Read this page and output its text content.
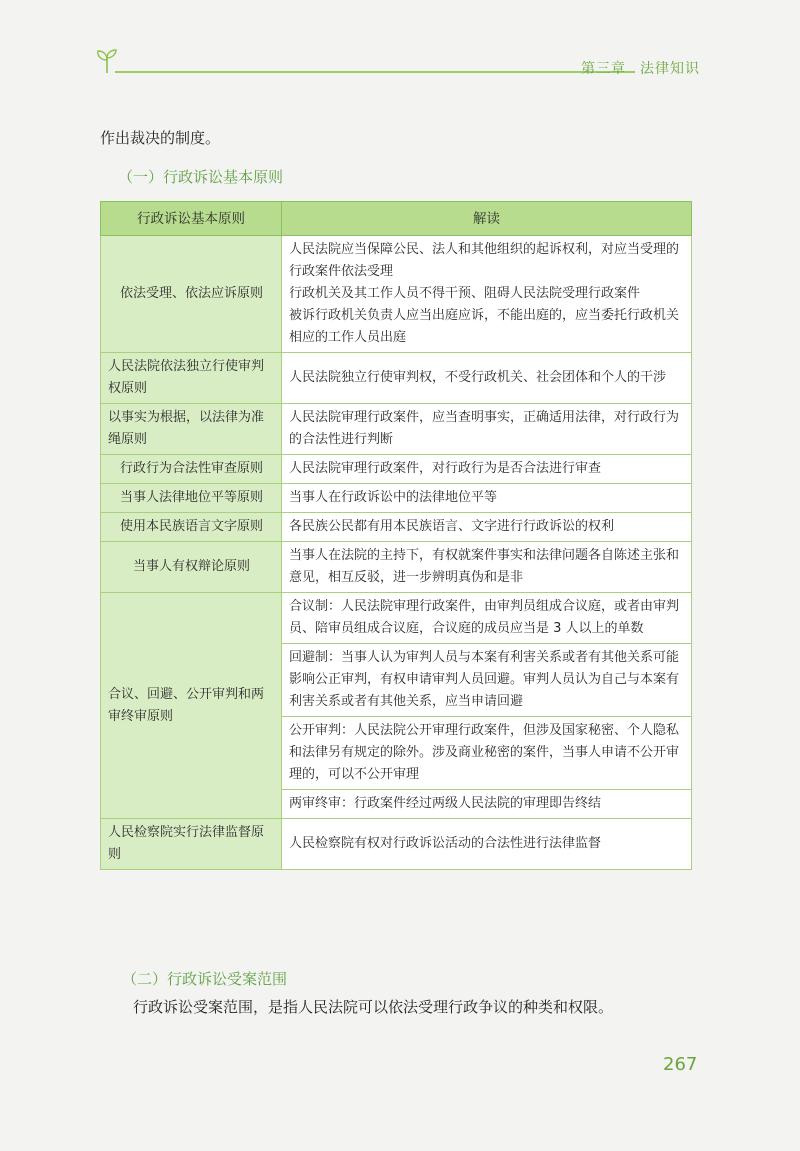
第三章 法律知识
作出裁决的制度。
（一）行政诉讼基本原则
行政诉讼基本原则	解读
依法受理、依法应诉原则	人民法院应当保障公民、法人和其他组织的起诉权利，对应当受理的行政案件依法受理
行政机关及其工作人员不得干预、阻碍人民法院受理行政案件
被诉行政机关负责人应当出庭应诉，不能出庭的，应当委托行政机关相应的工作人员出庭

人民法院依法独立行使审判权原则	人民法院独立行使审判权，不受行政机关、社会团体和个人的干涉
以事实为根据，以法律为准绳原则	人民法院审理行政案件，应当查明事实，正确适用法律，对行政行为的合法性进行判断
行政行为合法性审查原则	人民法院审理行政案件，对行政行为是否合法进行审查
当事人法律地位平等原则	当事人在行政诉讼中的法律地位平等
使用本民族语言文字原则	各民族公民都有用本民族语言、文字进行行政诉讼的权利
当事人有权辩论原则	当事人在法院的主持下，有权就案件事实和法律问题各自陈述主张和意见，相互反驳，进一步辨明真伪和是非
合议、回避、公开审判和两审终审原则	合议制：人民法院审理行政案件，由审判员组成合议庭，或者由审判员、陪审员组成合议庭，合议庭的成员应当是 3 人以上的单数
	回避制：当事人认为审判人员与本案有利害关系或者有其他关系可能影响公正审判，有权申请审判人员回避。审判人员认为自己与本案有利害关系或者有其他关系，应当申请回避
	公开审判：人民法院公开审理行政案件，但涉及国家秘密、个人隐私和法律另有规定的除外。涉及商业秘密的案件，当事人申请不公开审理的，可以不公开审理
	两审终审：行政案件经过两级人民法院的审理即告终结
人民检察院实行法律监督原则	人民检察院有权对行政诉讼活动的合法性进行法律监督
（二）行政诉讼受案范围
行政诉讼受案范围，是指人民法院可以依法受理行政争议的种类和权限。
267
